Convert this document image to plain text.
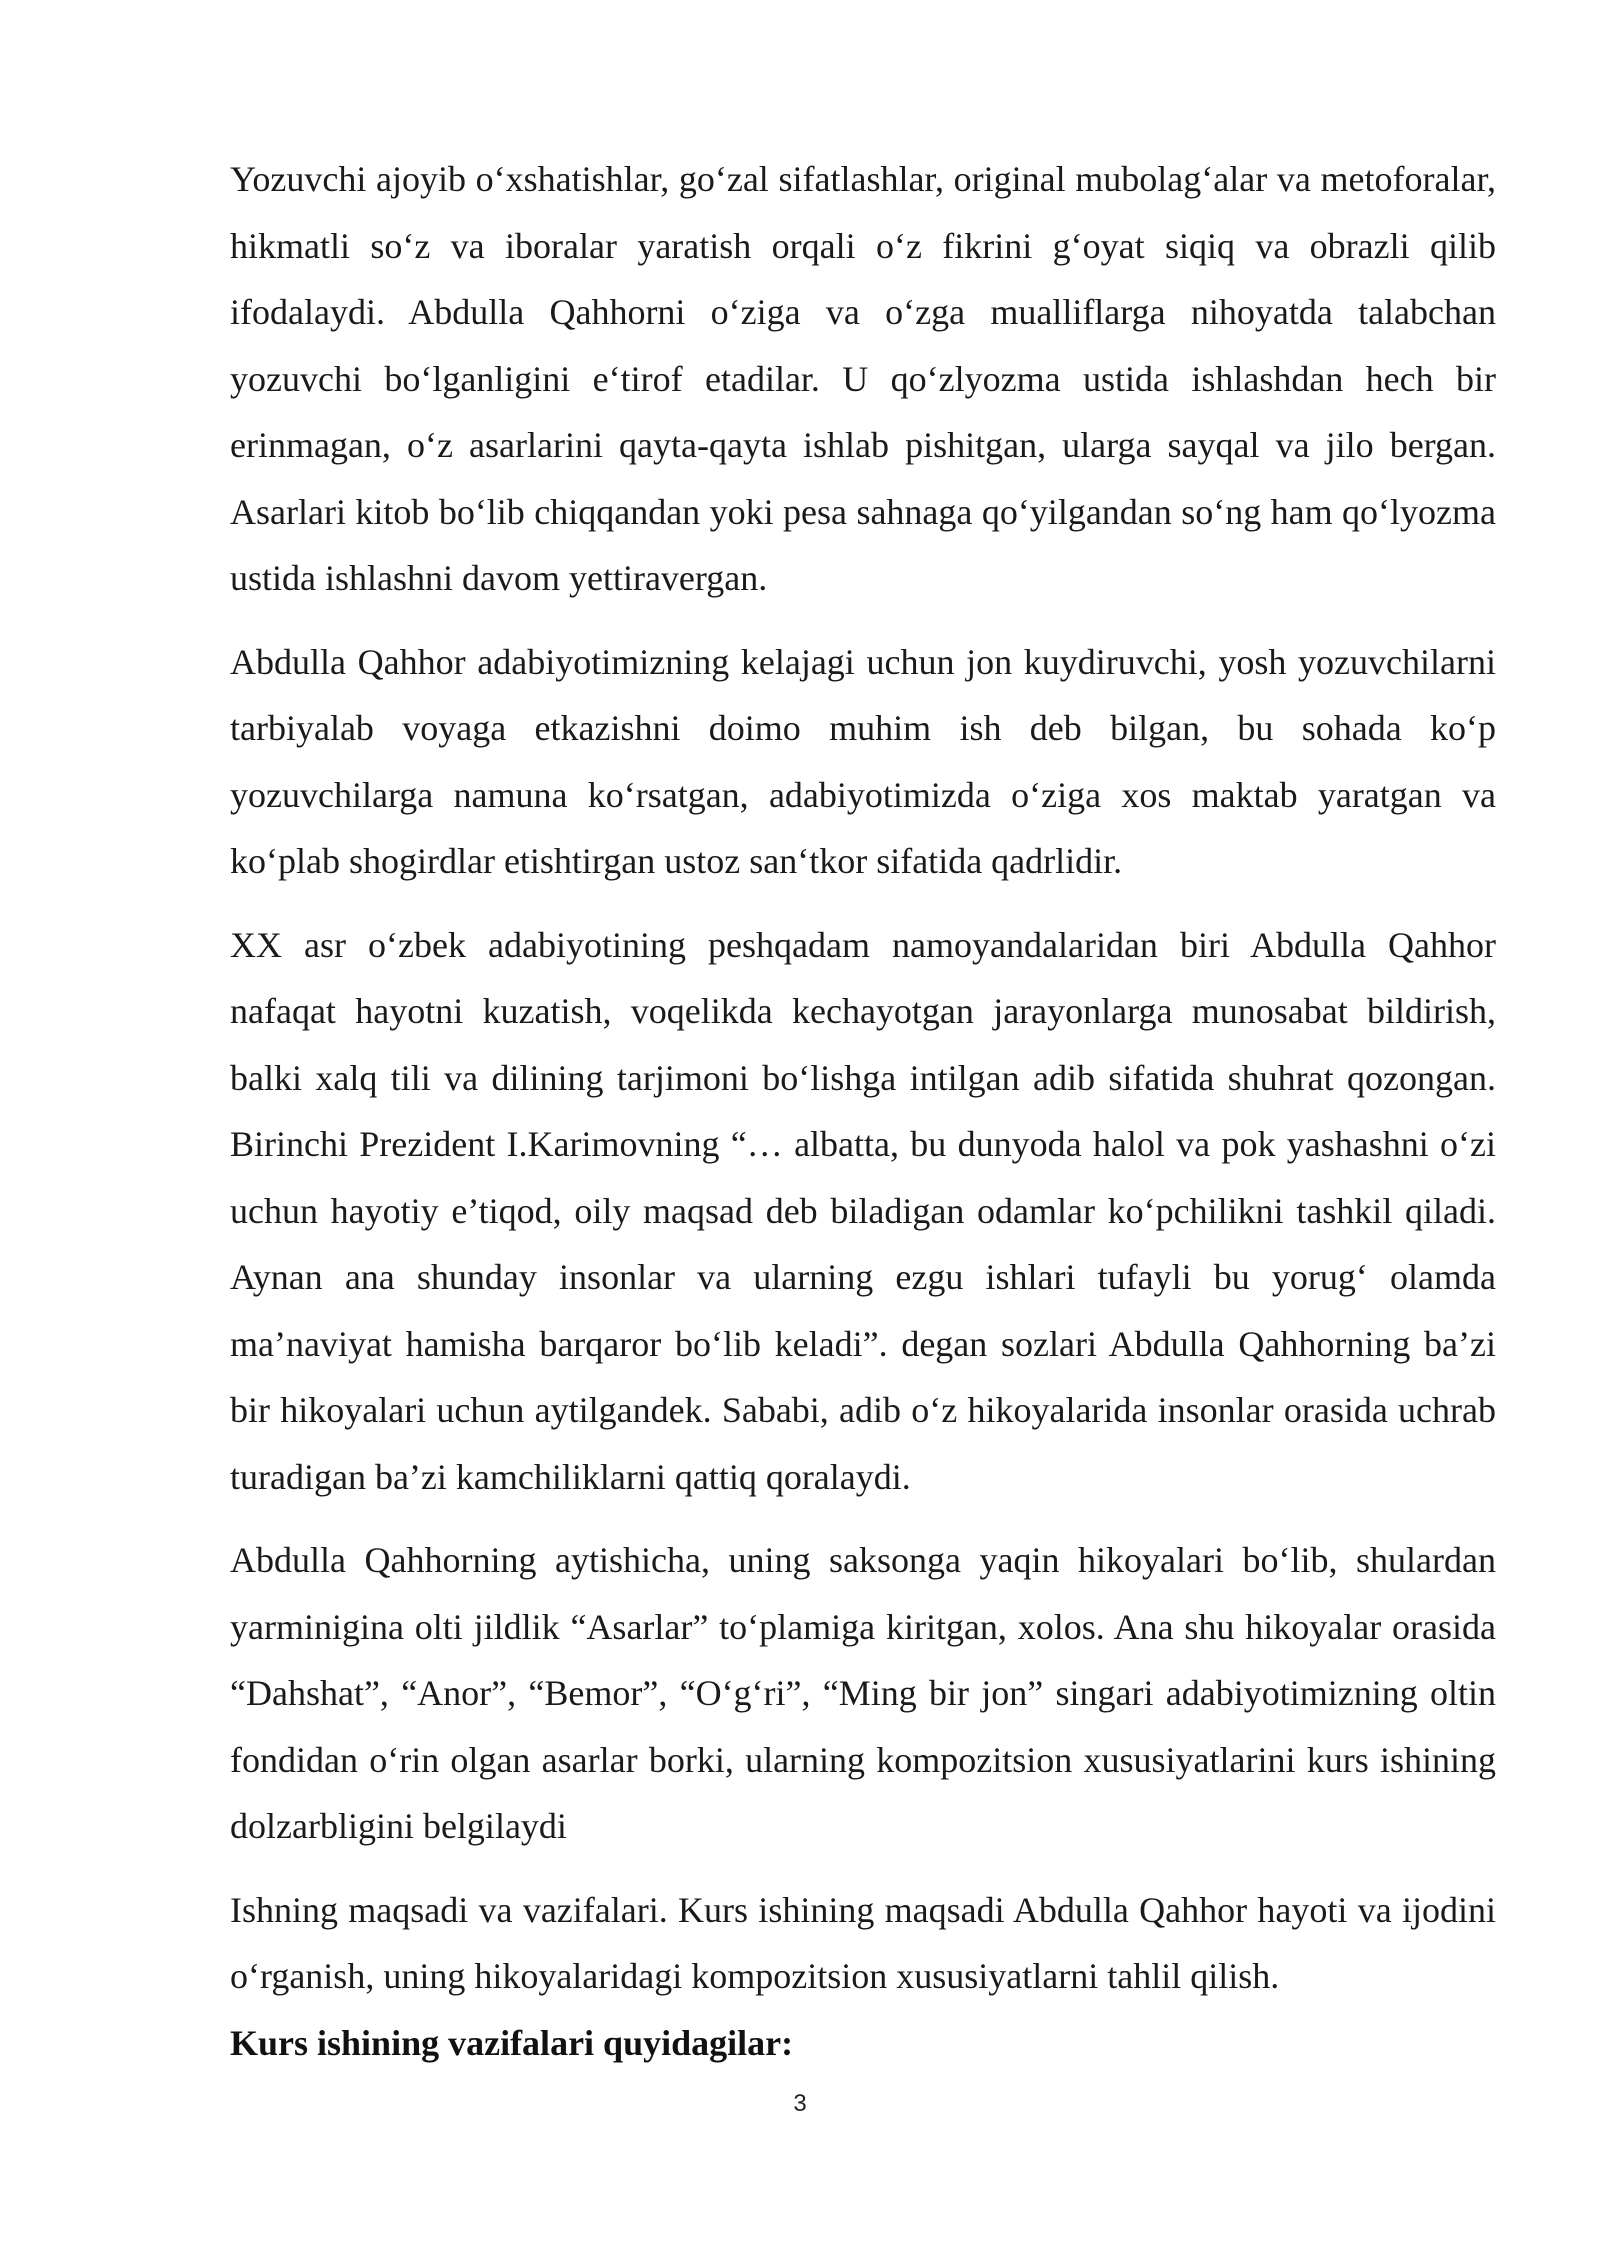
Yozuvchi ajoyib o‘xshatishlar, go‘zal sifatlashlar, original mubolag‘alar va metoforalar, hikmatli so‘z va iboralar yaratish orqali o‘z fikrini g‘oyat siqiq va obrazli qilib ifodalaydi. Abdulla Qahhorni o‘ziga va o‘zga mualliflarga nihoyatda talabchan yozuvchi bo‘lganligini e‘tirof etadilar. U qo‘zlyozma ustida ishlashdan hech bir erinmagan, o‘z asarlarini qayta-qayta ishlab pishitgan, ularga sayqal va jilo bergan. Asarlari kitob bo‘lib chiqqandan yoki pesa sahnaga qo‘yilgandan so‘ng ham qo‘lyozma ustida ishlashni davom yettiravergan.

Abdulla Qahhor adabiyotimizning kelajagi uchun jon kuydiruvchi, yosh yozuvchilarni tarbiyalab voyaga etkazishni doimo muhim ish deb bilgan, bu sohada ko‘p yozuvchilarga namuna ko‘rsatgan, adabiyotimizda o‘ziga xos maktab yaratgan va ko‘plab shogirdlar etishtirgan ustoz san‘tkor sifatida qadrlidir.

XX asr o‘zbek adabiyotining peshqadam namoyandalaridan biri Abdulla Qahhor nafaqat hayotni kuzatish, voqelikda kechayotgan jarayonlarga munosabat bildirish, balki xalq tili va dilining tarjimoni bo‘lishga intilgan adib sifatida shuhrat qozongan. Birinchi Prezident I.Karimovning “… albatta, bu dunyoda halol va pok yashashni o‘zi uchun hayotiy e’tiqod, oily maqsad deb biladigan odamlar ko‘pchilikni tashkil qiladi. Aynan ana shunday insonlar va ularning ezgu ishlari tufayli bu yorug‘ olamda ma’naviyat hamisha barqaror bo‘lib keladi”. degan sozlari Abdulla Qahhorning ba’zi bir hikoyalari uchun aytilgandek. Sababi, adib o‘z hikoyalarida insonlar orasida uchrab turadigan ba’zi kamchiliklarni qattiq qoralaydi.

Abdulla Qahhorning aytishicha, uning saksonga yaqin hikoyalari bo‘lib, shulardan yarminigina olti jildlik “Asarlar” to‘plamiga kiritgan, xolos. Ana shu hikoyalar orasida “Dahshat”, “Anor”, “Bemor”, “O‘g‘ri”, “Ming bir jon” singari adabiyotimizning oltin fondidan o‘rin olgan asarlar borki, ularning kompozitsion xususiyatlarini kurs ishining dolzarbligini belgilaydi

Ishning maqsadi va vazifalari. Kurs ishining maqsadi Abdulla Qahhor hayoti va ijodini o‘rganish, uning hikoyalaridagi kompozitsion xususiyatlarni tahlil qilish.

Kurs ishining vazifalari quyidagilar:

3
